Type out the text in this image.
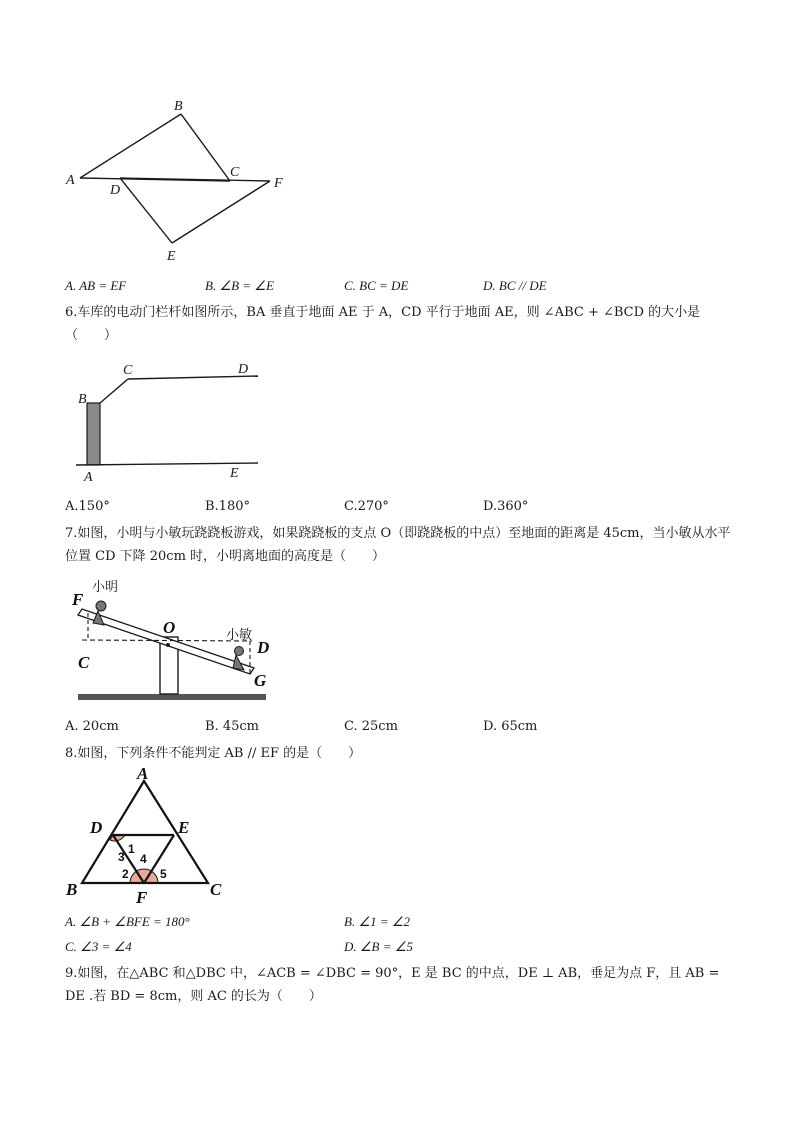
B
A
D
C
F
E
A. AB = EF	B. ∠B = ∠E	C. BC = DE	D. BC // DE
6.车库的电动门栏杆如图所示，BA 垂直于地面 AE 于 A，CD 平行于地面 AE，则 ∠ABC + ∠BCD 的大小是（　　）
B
C	D
A	E
A.150°	B.180°	C.270°	D.360°
7.如图，小明与小敏玩跷跷板游戏，如果跷跷板的支点 O（即跷跷板的中点）至地面的距离是 45cm，当小敏从水平位置 CD 下降 20cm 时，小明离地面的高度是（　　）
F
小明
O	小敏
D
C
G
A. 20cm	B. 45cm	C. 25cm	D. 65cm
8.如图，下列条件不能判定 AB // EF 的是（　　）
A
D	E
B	F	C
1
3 4
2	5
A. ∠B + ∠BFE = 180°	B. ∠1 = ∠2
C. ∠3 = ∠4	D. ∠B = ∠5
9.如图，在△ABC 和△DBC 中，∠ACB = ∠DBC = 90°，E 是 BC 的中点，DE ⊥ AB，垂足为点 F，且 AB = DE .若 BD = 8cm，则 AC 的长为（　　）
